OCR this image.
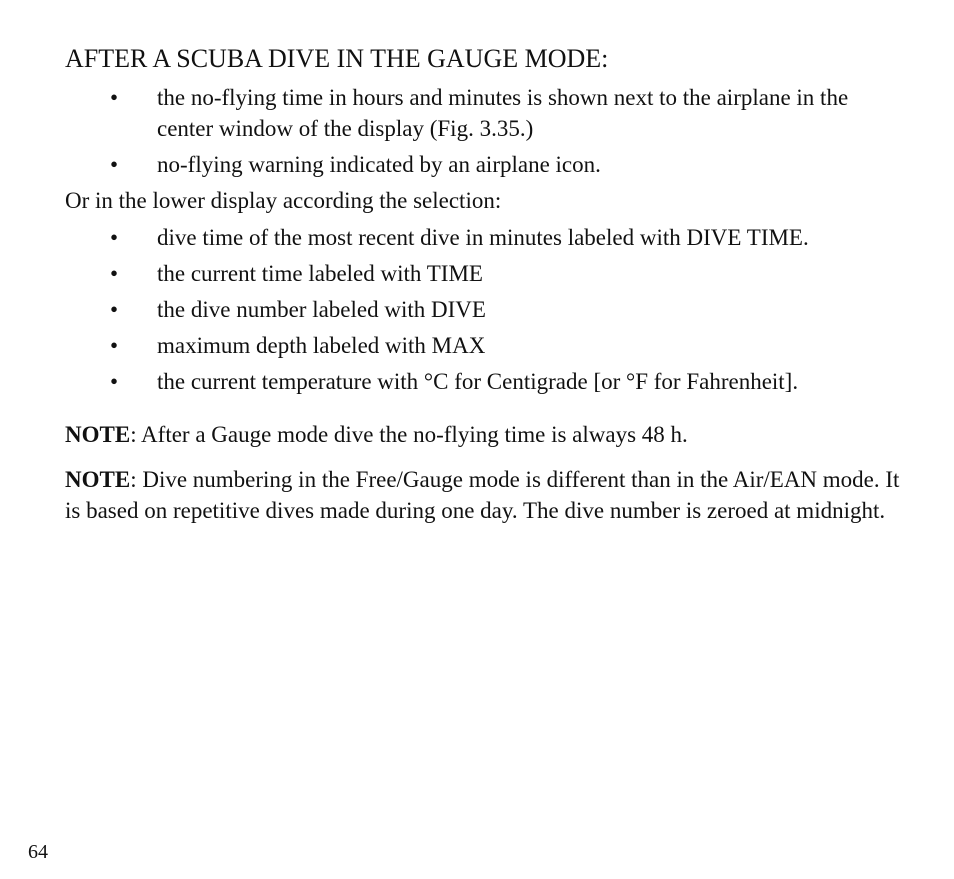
AFTER A SCUBA DIVE IN THE GAUGE MODE:
• the no-flying time in hours and minutes is shown next to the airplane in the center window of the display (Fig. 3.35.)
• no-flying warning indicated by an airplane icon.

Or in the lower display according the selection:

• dive time of the most recent dive in minutes labeled with DIVE TIME.
• the current time labeled with TIME
• the dive number labeled with DIVE
• maximum depth labeled with MAX
• the current temperature with °C for Centigrade [or °F for Fahrenheit].

NOTE: After a Gauge mode dive the no-flying time is always 48 h.

NOTE: Dive numbering in the Free/Gauge mode is different than in the Air/EAN mode. It is based on repetitive dives made during one day. The dive number is zeroed at midnight.

64
